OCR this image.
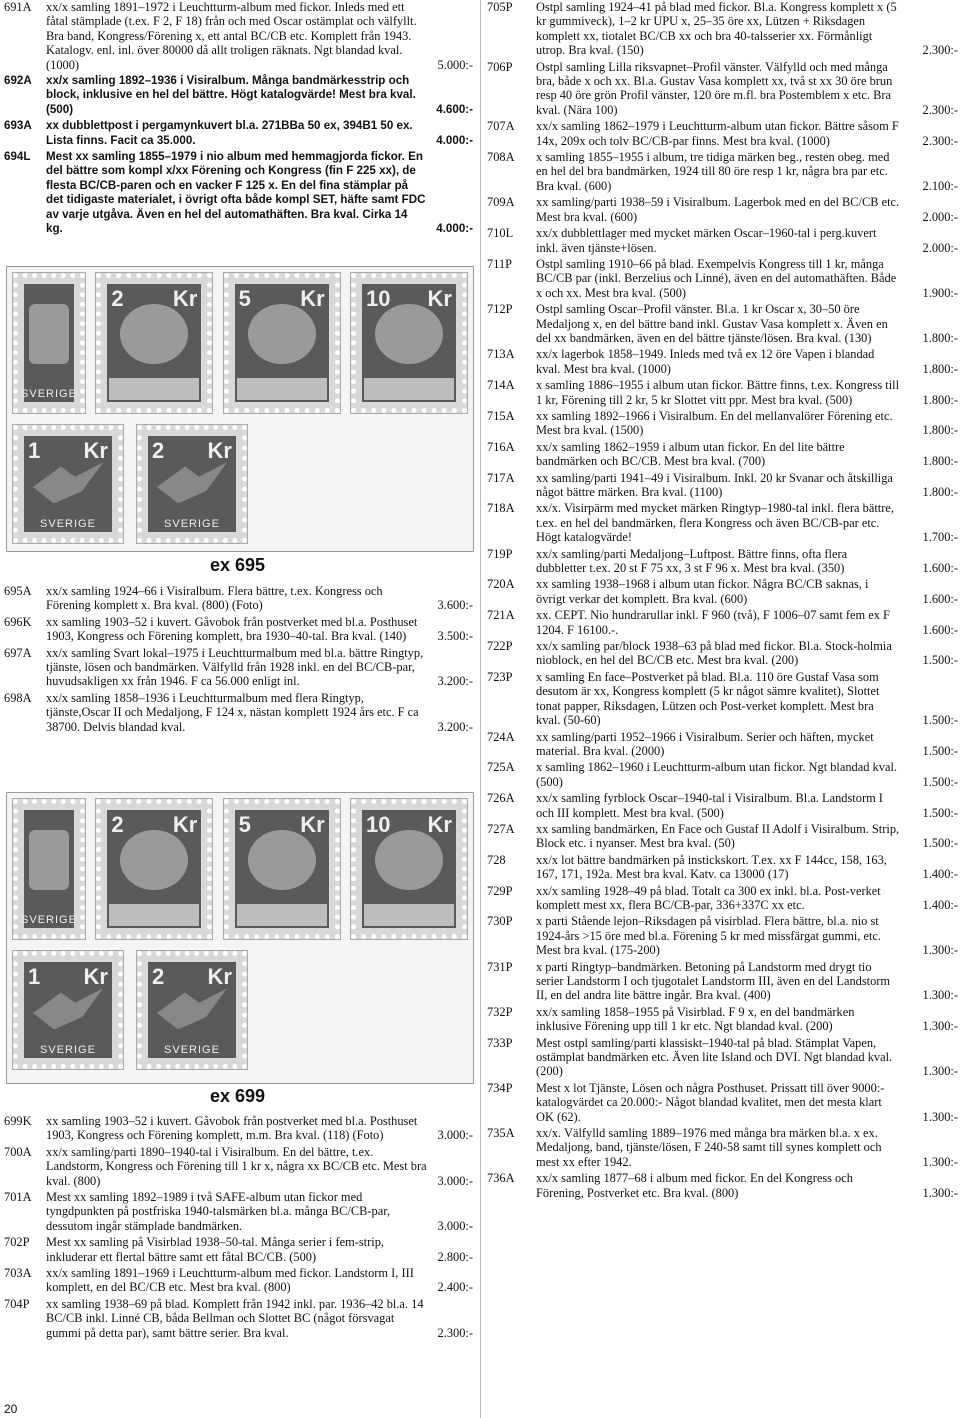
691A xx/x samling 1891–1972 i Leuchtturm-album med fickor. Inleds med ett fåtal stämplade (t.ex. F 2, F 18) från och med Oscar ostämplat och välfyllt. Bra band, Kongress/Förening x, ett antal BC/CB etc. Komplett från 1943. Katalogv. enl. inl. över 80000 då allt troligen räknats. Ngt blandad kval. (1000)	5.000:-
692A xx/x samling 1892–1936 i Visiralbum. Många bandmärkesstrip och block, inklusive en hel del bättre. Högt katalogvärde! Mest bra kval. (500)	4.600:-
693A xx dubblettpost i pergamynkuvert bl.a. 271BBa 50 ex, 394B1 50 ex. Lista finns. Facit ca 35.000.	4.000:-
694L Mest xx samling 1855–1979 i nio album med hemmagjorda fickor. En del bättre som kompl x/xx Förening och Kongress (fin F 225 xx), de flesta BC/CB-paren och en vacker F 125 x. En del fina stämplar på det tidigaste materialet, i övrigt ofta både kompl SET, häfte samt FDC av varje utgåva. Även en hel del automathäften. Bra kval. Cirka 14 kg.	4.000:-
SVERIGE
2 Kr 5 Kr 10 Kr
1 Kr
SVERIGE
2 Kr
SVERIGE
ex 695
695A xx/x samling 1924–66 i Visiralbum. Flera bättre, t.ex. Kongress och Förening komplett x. Bra kval. (800) (Foto)	3.600:-
696K xx samling 1903–52 i kuvert. Gåvobok från postverket med bl.a. Posthuset 1903, Kongress och Förening komplett, bra 1930–40-tal. Bra kval. (140)	3.500:-
697A xx/x samling Svart lokal–1975 i Leuchtturmalbum med bl.a. bättre Ringtyp, tjänste, lösen och bandmärken. Välfylld från 1928 inkl. en del BC/CB-par, huvudsakligen xx från 1946. F ca 56.000 enligt inl.	3.200:-
698A xx/x samling 1858–1936 i Leuchtturmalbum med flera Ringtyp, tjänste,Oscar II och Medaljong, F 124 x, nästan komplett 1924 års etc. F ca 38700. Delvis blandad kval.	3.200:-
SVERIGE
2 Kr 5 Kr 10 Kr
1 Kr
SVERIGE
2 Kr
SVERIGE
ex 699
699K xx samling 1903–52 i kuvert. Gåvobok från postverket med bl.a. Posthuset 1903, Kongress och Förening komplett, m.m. Bra kval. (118) (Foto)	3.000:-
700A xx/x samling/parti 1890–1940-tal i Visiralbum. En del bättre, t.ex. Landstorm, Kongress och Förening till 1 kr x, några xx BC/CB etc. Mest bra kval. (800)	3.000:-
701A Mest xx samling 1892–1989 i två SAFE-album utan fickor med tyngdpunkten på postfriska 1940-talsmärken bl.a. många BC/CB-par, dessutom ingår stämplade bandmärken.	3.000:-
702P Mest xx samling på Visirblad 1938–50-tal. Många serier i fem-strip, inkluderar ett flertal bättre samt ett fåtal BC/CB. (500)	2.800:-
703A xx/x samling 1891–1969 i Leuchtturm-album med fickor. Landstorm I, III komplett, en del BC/CB etc. Mest bra kval. (800)	2.400:-
704P xx samling 1938–69 på blad. Komplett från 1942 inkl. par. 1936–42 bl.a. 14 BC/CB inkl. Linné CB, båda Bellman och Slottet BC (något försvagat gummi på detta par), samt bättre serier. Bra kval.	2.300:-
705P Ostpl samling 1924–41 på blad med fickor. Bl.a. Kongress komplett x (5 kr gummiveck), 1–2 kr UPU x, 25–35 öre xx, Lützen + Riksdagen komplett xx, tiotalet BC/CB xx och bra 40-talsserier xx. Förmånligt utrop. Bra kval. (150)	2.300:-
706P Ostpl samling Lilla riksvapnet–Profil vänster. Välfylld och med många bra, både x och xx. Bl.a. Gustav Vasa komplett xx, två st xx 30 öre brun resp 40 öre grön Profil vänster, 120 öre m.fl. bra Postemblem x etc. Bra kval. (Nära 100)	2.300:-
707A xx/x samling 1862–1979 i Leuchtturm-album utan fickor. Bättre såsom F 14x, 209x och tolv BC/CB-par finns. Mest bra kval. (1000)	2.300:-
708A x samling 1855–1955 i album, tre tidiga märken beg., resten obeg. med en hel del bra bandmärken, 1924 till 80 öre resp 1 kr, några bra par etc. Bra kval. (600)	2.100:-
709A xx samling/parti 1938–59 i Visiralbum. Lagerbok med en del BC/CB etc. Mest bra kval. (600)	2.000:-
710L xx/x dubblettlager med mycket märken Oscar–1960-tal i perg.kuvert inkl. även tjänste+lösen.	2.000:-
711P Ostpl samling 1910–66 på blad. Exempelvis Kongress till 1 kr, många BC/CB par (inkl. Berzelius och Linné), även en del automathäften. Både x och xx. Mest bra kval. (500)	1.900:-
712P Ostpl samling Oscar–Profil vänster. Bl.a. 1 kr Oscar x, 30–50 öre Medaljong x, en del bättre band inkl. Gustav Vasa komplett x. Även en del xx bandmärken, även en del bättre tjänste/lösen. Bra kval. (130)	1.800:-
713A xx/x lagerbok 1858–1949. Inleds med två ex 12 öre Vapen i blandad kval. Mest bra kval. (1000)	1.800:-
714A x samling 1886–1955 i album utan fickor. Bättre finns, t.ex. Kongress till 1 kr, Förening till 2 kr, 5 kr Slottet vitt ppr. Mest bra kval. (500)	1.800:-
715A xx samling 1892–1966 i Visiralbum. En del mellanvalörer Förening etc. Mest bra kval. (1500)	1.800:-
716A xx/x samling 1862–1959 i album utan fickor. En del lite bättre bandmärken och BC/CB. Mest bra kval. (700)	1.800:-
717A xx samling/parti 1941–49 i Visiralbum. Inkl. 20 kr Svanar och åtskilliga något bättre märken. Bra kval. (1100)	1.800:-
718A xx/x. Visirpärm med mycket märken Ringtyp–1980-tal inkl. flera bättre, t.ex. en hel del bandmärken, flera Kongress och även BC/CB-par etc. Högt katalogvärde!	1.700:-
719P xx/x samling/parti Medaljong–Luftpost. Bättre finns, ofta flera dubbletter t.ex. 20 st F 75 xx, 3 st F 96 x. Mest bra kval. (350)	1.600:-
720A xx samling 1938–1968 i album utan fickor. Några BC/CB saknas, i övrigt verkar det komplett. Bra kval. (600)	1.600:-
721A xx. CEPT. Nio hundrarullar inkl. F 960 (två), F 1006–07 samt fem ex F 1204. F 16100.-.	1.600:-
722P xx/x samling par/block 1938–63 på blad med fickor. Bl.a. Stock-holmia nioblock, en hel del BC/CB etc. Mest bra kval. (200)	1.500:-
723P x samling En face–Postverket på blad. Bl.a. 110 öre Gustaf Vasa som desutom är xx, Kongress komplett (5 kr något sämre kvalitet), Slottet tonat papper, Riksdagen, Lützen och Post-verket komplett. Mest bra kval. (50-60)	1.500:-
724A xx samling/parti 1952–1966 i Visiralbum. Serier och häften, mycket material. Bra kval. (2000)	1.500:-
725A x samling 1862–1960 i Leuchtturm-album utan fickor. Ngt blandad kval. (500)	1.500:-
726A xx/x samling fyrblock Oscar–1940-tal i Visiralbum. Bl.a. Landstorm I och III komplett. Mest bra kval. (500)	1.500:-
727A xx samling bandmärken, En Face och Gustaf II Adolf i Visiralbum. Strip, Block etc. i nyanser. Mest bra kval. (50)	1.500:-
728 xx/x lot bättre bandmärken på instickskort. T.ex. xx F 144cc, 158, 163, 167, 171, 192a. Mest bra kval. Katv. ca 13000 (17)	1.400:-
729P xx/x samling 1928–49 på blad. Totalt ca 300 ex inkl. bl.a. Post-verket komplett mest xx, flera BC/CB-par, 336+337C xx etc.	1.400:-
730P x parti Stående lejon–Riksdagen på visirblad. Flera bättre, bl.a. nio st 1924-års >15 öre med bl.a. Förening 5 kr med missfärgat gummi, etc. Mest bra kval. (175-200)	1.300:-
731P x parti Ringtyp–bandmärken. Betoning på Landstorm med drygt tio serier Landstorm I och tjugotalet Landstorm III, även en del Landstorm II, en del andra lite bättre ingår. Bra kval. (400)	1.300:-
732P xx/x samling 1858–1955 på Visirblad. F 9 x, en del bandmärken inklusive Förening upp till 1 kr etc. Ngt blandad kval. (200)	1.300:-
733P Mest ostpl samling/parti klassiskt–1940-tal på blad. Stämplat Vapen, ostämplat bandmärken etc. Även lite Island och DVI. Ngt blandad kval. (200)	1.300:-
734P Mest x lot Tjänste, Lösen och några Posthuset. Prissatt till över 9000:- katalogvärdet ca 20.000:- Något blandad kvalitet, men det mesta klart OK (62).	1.300:-
735A xx/x. Välfylld samling 1889–1976 med många bra märken bl.a. x ex. Medaljong, band, tjänste/lösen, F 240-58 samt till synes komplett och mest xx efter 1942.	1.300:-
736A xx/x samling 1877–68 i album med fickor. En del Kongress och Förening, Postverket etc. Bra kval. (800)	1.300:-
20
